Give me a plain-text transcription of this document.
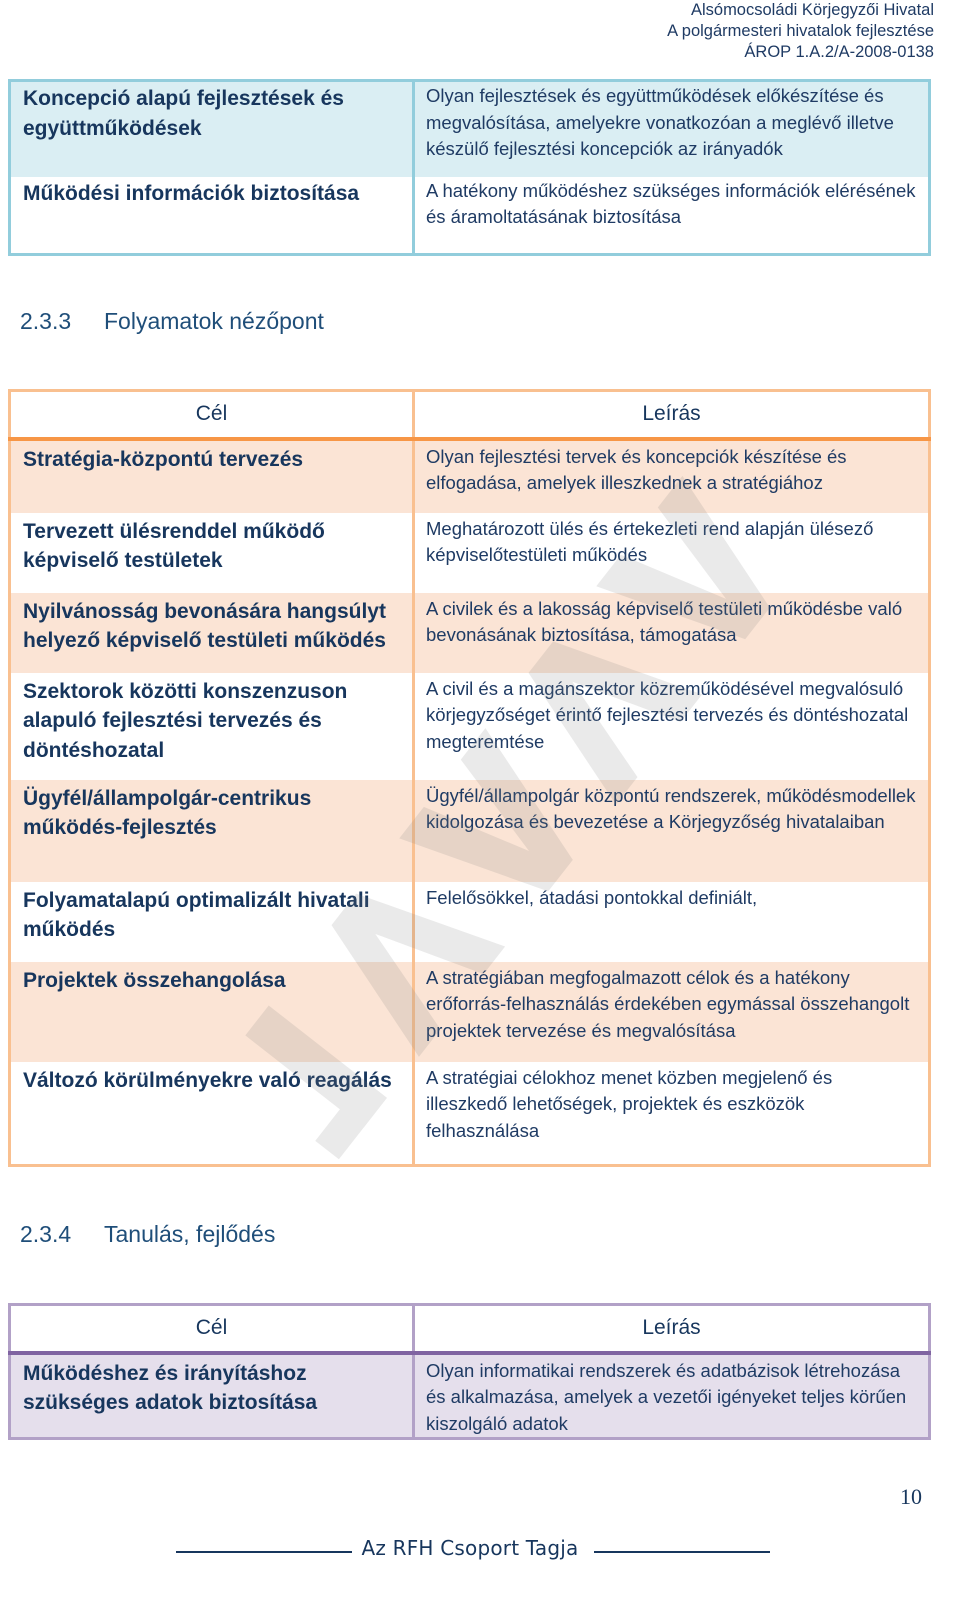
Alsómocsoládi Körjegyzői Hivatal
A polgármesteri hivatalok fejlesztése
ÁROP 1.A.2/A-2008-0138
Koncepció alapú fejlesztések és együttműködések	Olyan fejlesztések és együttműködések előkészítése és megvalósítása, amelyekre vonatkozóan a meglévő illetve készülő fejlesztési koncepciók az irányadók
Működési információk biztosítása	A hatékony működéshez szükséges információk elérésének és áramoltatásának biztosítása
2.3.3 Folyamatok nézőpont
Cél	Leírás
Stratégia-központú tervezés	Olyan fejlesztési tervek és koncepciók készítése és elfogadása, amelyek illeszkednek a stratégiához
Tervezett ülésrenddel működő képviselő testületek	Meghatározott ülés és értekezleti rend alapján ülésező képviselőtestületi működés
Nyilvánosság bevonására hangsúlyt helyező képviselő testületi működés	A civilek és a lakosság képviselő testületi működésbe való bevonásának biztosítása, támogatása
Szektorok közötti konszenzuson alapuló fejlesztési tervezés és döntéshozatal	A civil és a magánszektor közreműködésével megvalósuló körjegyzőséget érintő fejlesztési tervezés és döntéshozatal megteremtése
Ügyfél/állampolgár-centrikus működés-fejlesztés	Ügyfél/állampolgár központú rendszerek, működésmodellek kidolgozása és bevezetése a Körjegyzőség hivatalaiban
Folyamatalapú optimalizált hivatali működés	Felelősökkel, átadási pontokkal definiált,
Projektek összehangolása	A stratégiában megfogalmazott célok és a hatékony erőforrás-felhasználás érdekében egymással összehangolt projektek tervezése és megvalósítása
Változó körülményekre való reagálás	A stratégiai célokhoz menet közben megjelenő és illeszkedő lehetőségek, projektek és eszközök felhasználása
2.3.4 Tanulás, fejlődés
Cél	Leírás
Működéshez és irányításhoz szükséges adatok biztosítása	Olyan informatikai rendszerek és adatbázisok létrehozása és alkalmazása, amelyek a vezetői igényeket teljes körűen kiszolgáló adatok
10
Az RFH Csoport Tagja
